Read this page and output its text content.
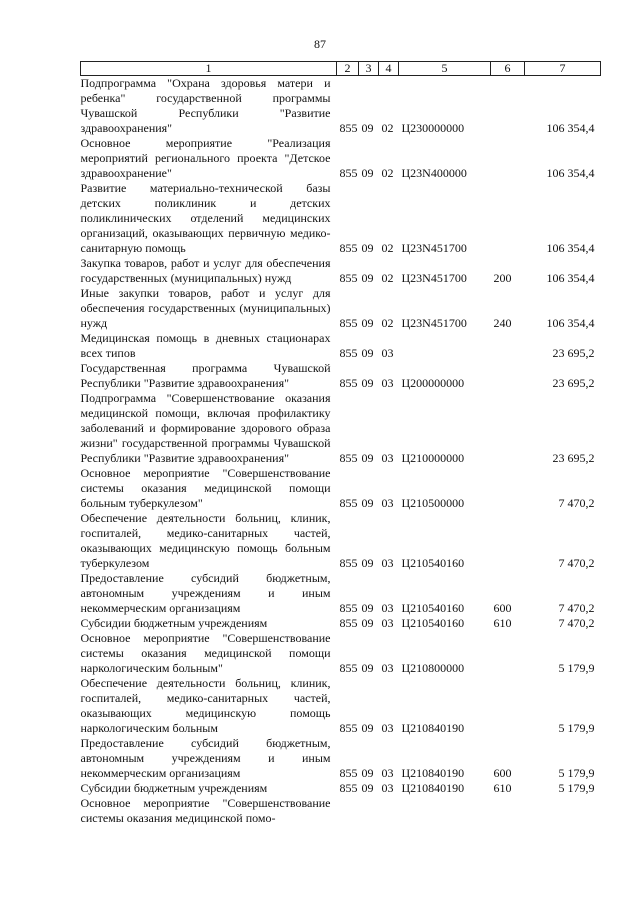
87
1	2	3	4	5	6	7
Подпрограмма "Охрана здоровья матери и ребенка" государственной программы Чувашской Республики "Развитие здравоохранения"	855	09	02	Ц230000000		106 354,4
Основное мероприятие "Реализация мероприятий регионального проекта "Детское здравоохранение"	855	09	02	Ц23N400000		106 354,4
Развитие материально-технической базы детских поликлиник и детских поликлинических отделений медицинских организаций, оказывающих первичную медико-санитарную помощь	855	09	02	Ц23N451700		106 354,4
Закупка товаров, работ и услуг для обеспечения государственных (муниципальных) нужд	855	09	02	Ц23N451700	200	106 354,4
Иные закупки товаров, работ и услуг для обеспечения государственных (муниципальных) нужд	855	09	02	Ц23N451700	240	106 354,4
Медицинская помощь в дневных стационарах всех типов	855	09	03			23 695,2
Государственная программа Чувашской Республики "Развитие здравоохранения"	855	09	03	Ц200000000		23 695,2
Подпрограмма "Совершенствование оказания медицинской помощи, включая профилактику заболеваний и формирование здорового образа жизни" государственной программы Чувашской Республики "Развитие здравоохранения"	855	09	03	Ц210000000		23 695,2
Основное мероприятие "Совершенствование системы оказания медицинской помощи больным туберкулезом"	855	09	03	Ц210500000		7 470,2
Обеспечение деятельности больниц, клиник, госпиталей, медико-санитарных частей, оказывающих медицинскую помощь больным туберкулезом	855	09	03	Ц210540160		7 470,2
Предоставление субсидий бюджетным, автономным учреждениям и иным некоммерческим организациям	855	09	03	Ц210540160	600	7 470,2
Субсидии бюджетным учреждениям	855	09	03	Ц210540160	610	7 470,2
Основное мероприятие "Совершенствование системы оказания медицинской помощи наркологическим больным"	855	09	03	Ц210800000		5 179,9
Обеспечение деятельности больниц, клиник, госпиталей, медико-санитарных частей, оказывающих медицинскую помощь наркологическим больным	855	09	03	Ц210840190		5 179,9
Предоставление субсидий бюджетным, автономным учреждениям и иным некоммерческим организациям	855	09	03	Ц210840190	600	5 179,9
Субсидии бюджетным учреждениям	855	09	03	Ц210840190	610	5 179,9
Основное мероприятие "Совершенствование системы оказания медицинской помо-						
